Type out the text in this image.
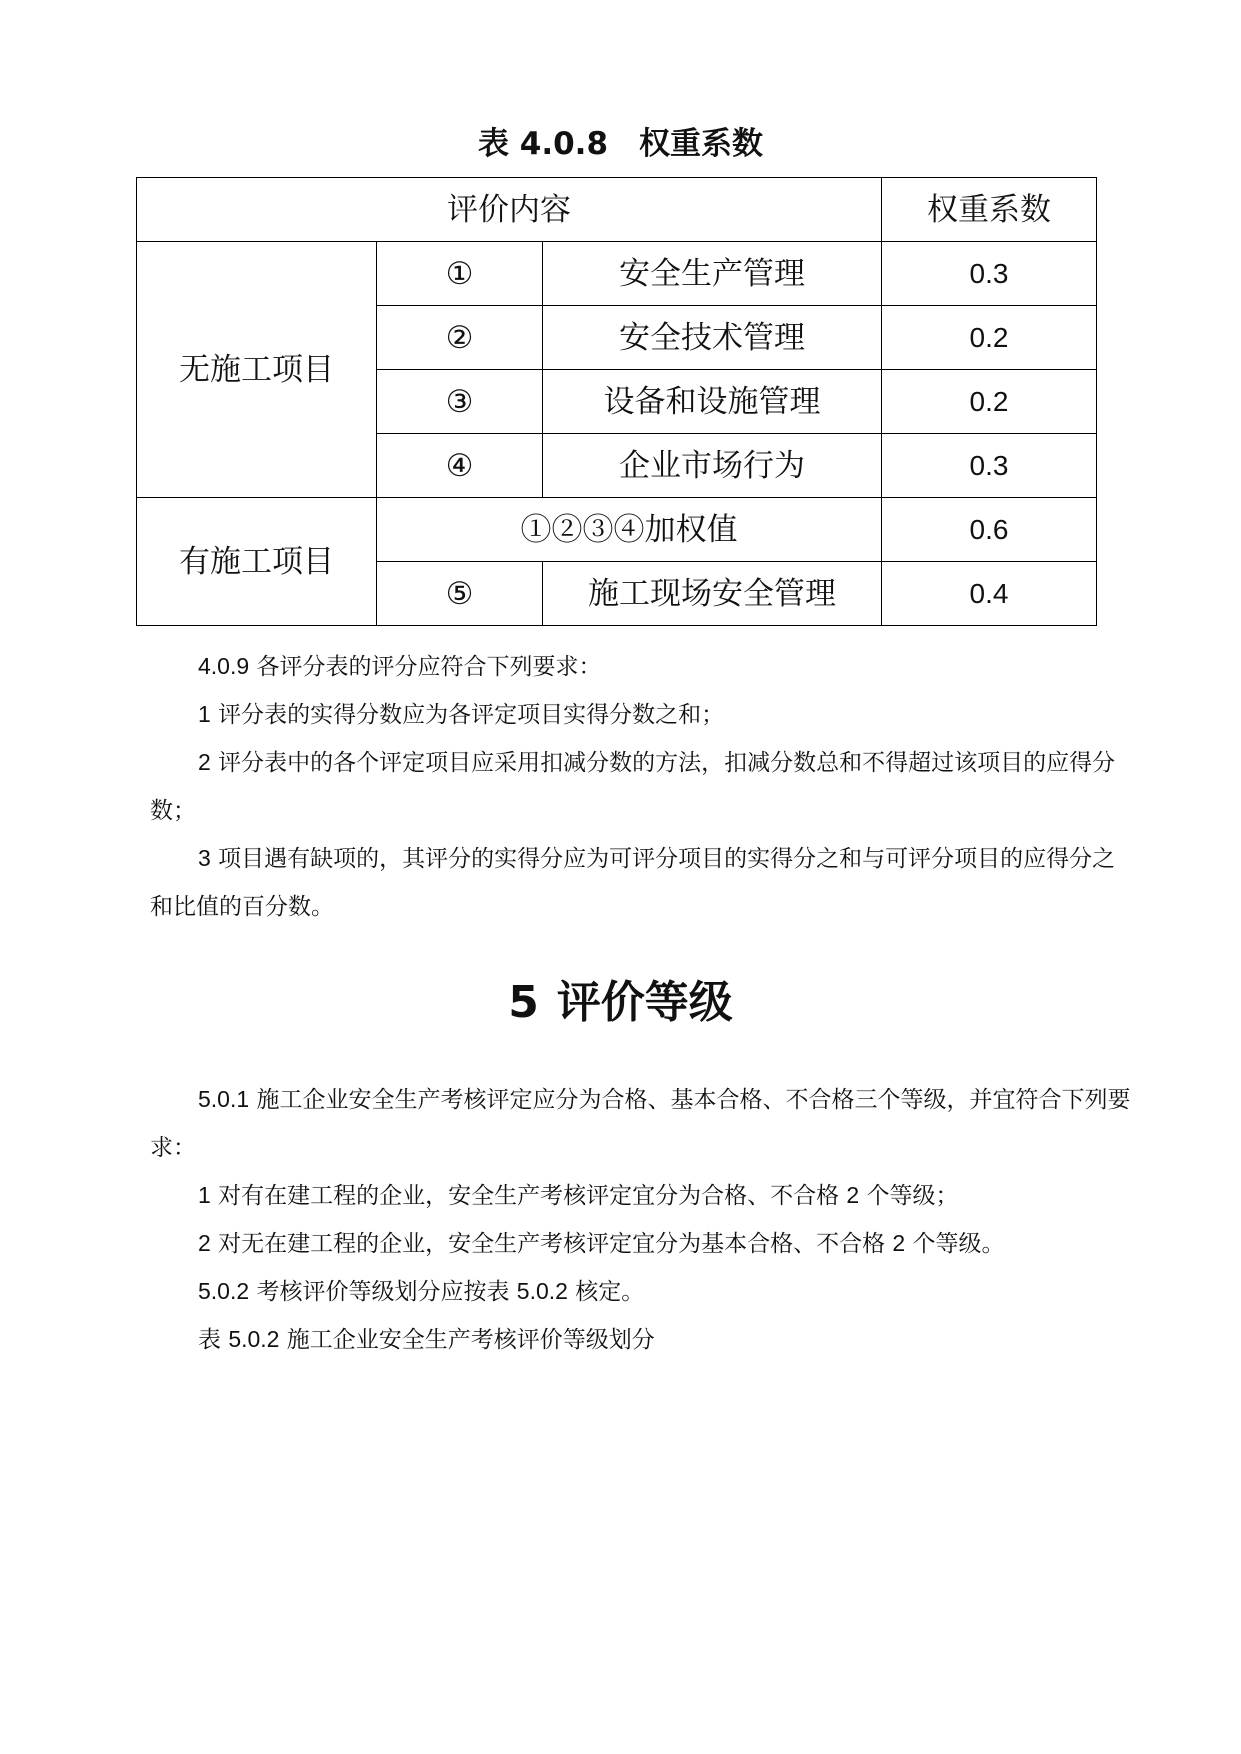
表 4.0.8　权重系数
评价内容			权重系数
无施工项目	①	安全生产管理	0.3
	②	安全技术管理	0.2
	③	设备和设施管理	0.2
	④	企业市场行为	0.3
有施工项目	①②③④加权值		0.6
	⑤	施工现场安全管理	0.4
4.0.9 各评分表的评分应符合下列要求：
1 评分表的实得分数应为各评定项目实得分数之和；
2 评分表中的各个评定项目应采用扣减分数的方法，扣减分数总和不得超过该项目的应得分数；
3 项目遇有缺项的，其评分的实得分应为可评分项目的实得分之和与可评分项目的应得分之和比值的百分数。
5 评价等级
5.0.1 施工企业安全生产考核评定应分为合格、基本合格、不合格三个等级，并宜符合下列要求：
1 对有在建工程的企业，安全生产考核评定宜分为合格、不合格 2 个等级；
2 对无在建工程的企业，安全生产考核评定宜分为基本合格、不合格 2 个等级。
5.0.2 考核评价等级划分应按表 5.0.2 核定。
表 5.0.2 施工企业安全生产考核评价等级划分
